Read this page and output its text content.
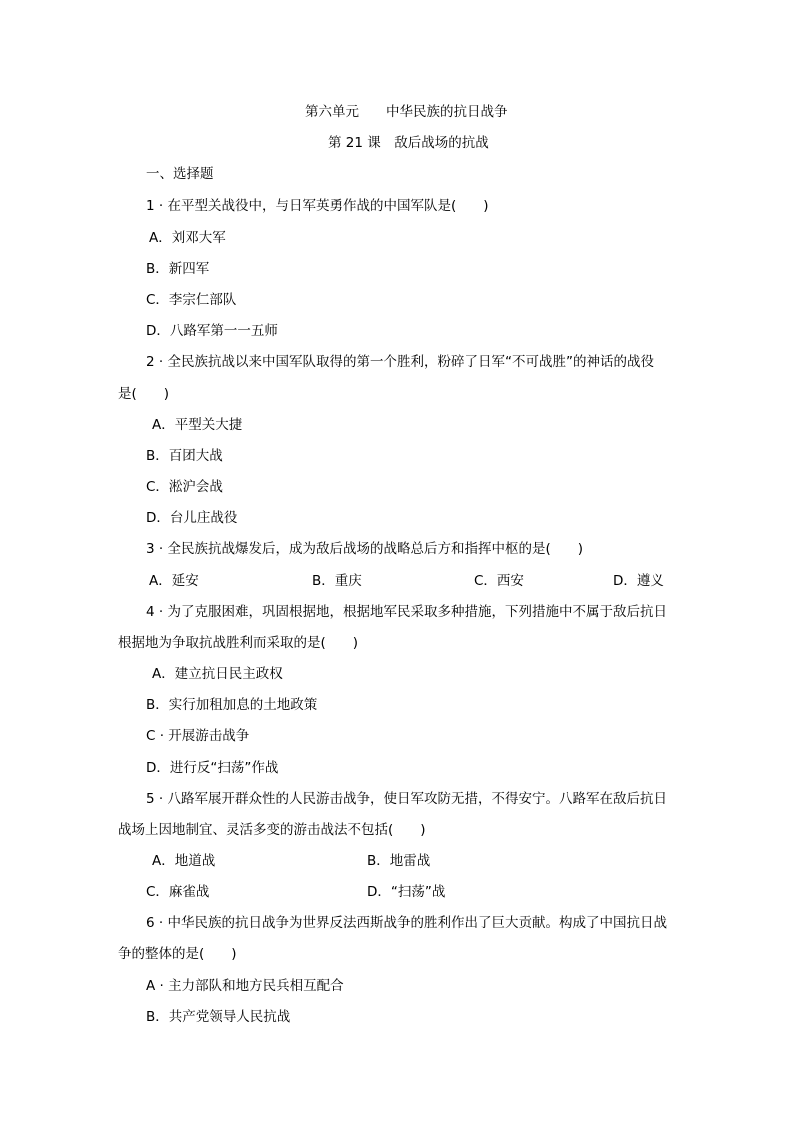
第六单元　　中华民族的抗日战争
第 21 课　敌后战场的抗战
一、选择题
1 · 在平型关战役中，与日军英勇作战的中国军队是(　　)
A．刘邓大军
B．新四军
C．李宗仁部队
D．八路军第一一五师
2 · 全民族抗战以来中国军队取得的第一个胜利，粉碎了日军“不可战胜”的神话的战役
是(　　)
A．平型关大捷
B．百团大战
C．淞沪会战
D．台儿庄战役
3 · 全民族抗战爆发后，成为敌后战场的战略总后方和指挥中枢的是(　　)
A．延安	B．重庆	C．西安	D．遵义
4 · 为了克服困难，巩固根据地，根据地军民采取多种措施，下列措施中不属于敌后抗日
根据地为争取抗战胜利而采取的是(　　)
A．建立抗日民主政权
B．实行加租加息的土地政策
C · 开展游击战争
D．进行反“扫荡”作战
5 · 八路军展开群众性的人民游击战争，使日军攻防无措，不得安宁。八路军在敌后抗日
战场上因地制宜、灵活多变的游击战法不包括(　　)
A．地道战	B．地雷战
C．麻雀战	D．“扫荡”战
6 · 中华民族的抗日战争为世界反法西斯战争的胜利作出了巨大贡献。构成了中国抗日战
争的整体的是(　　)
A · 主力部队和地方民兵相互配合
B．共产党领导人民抗战
